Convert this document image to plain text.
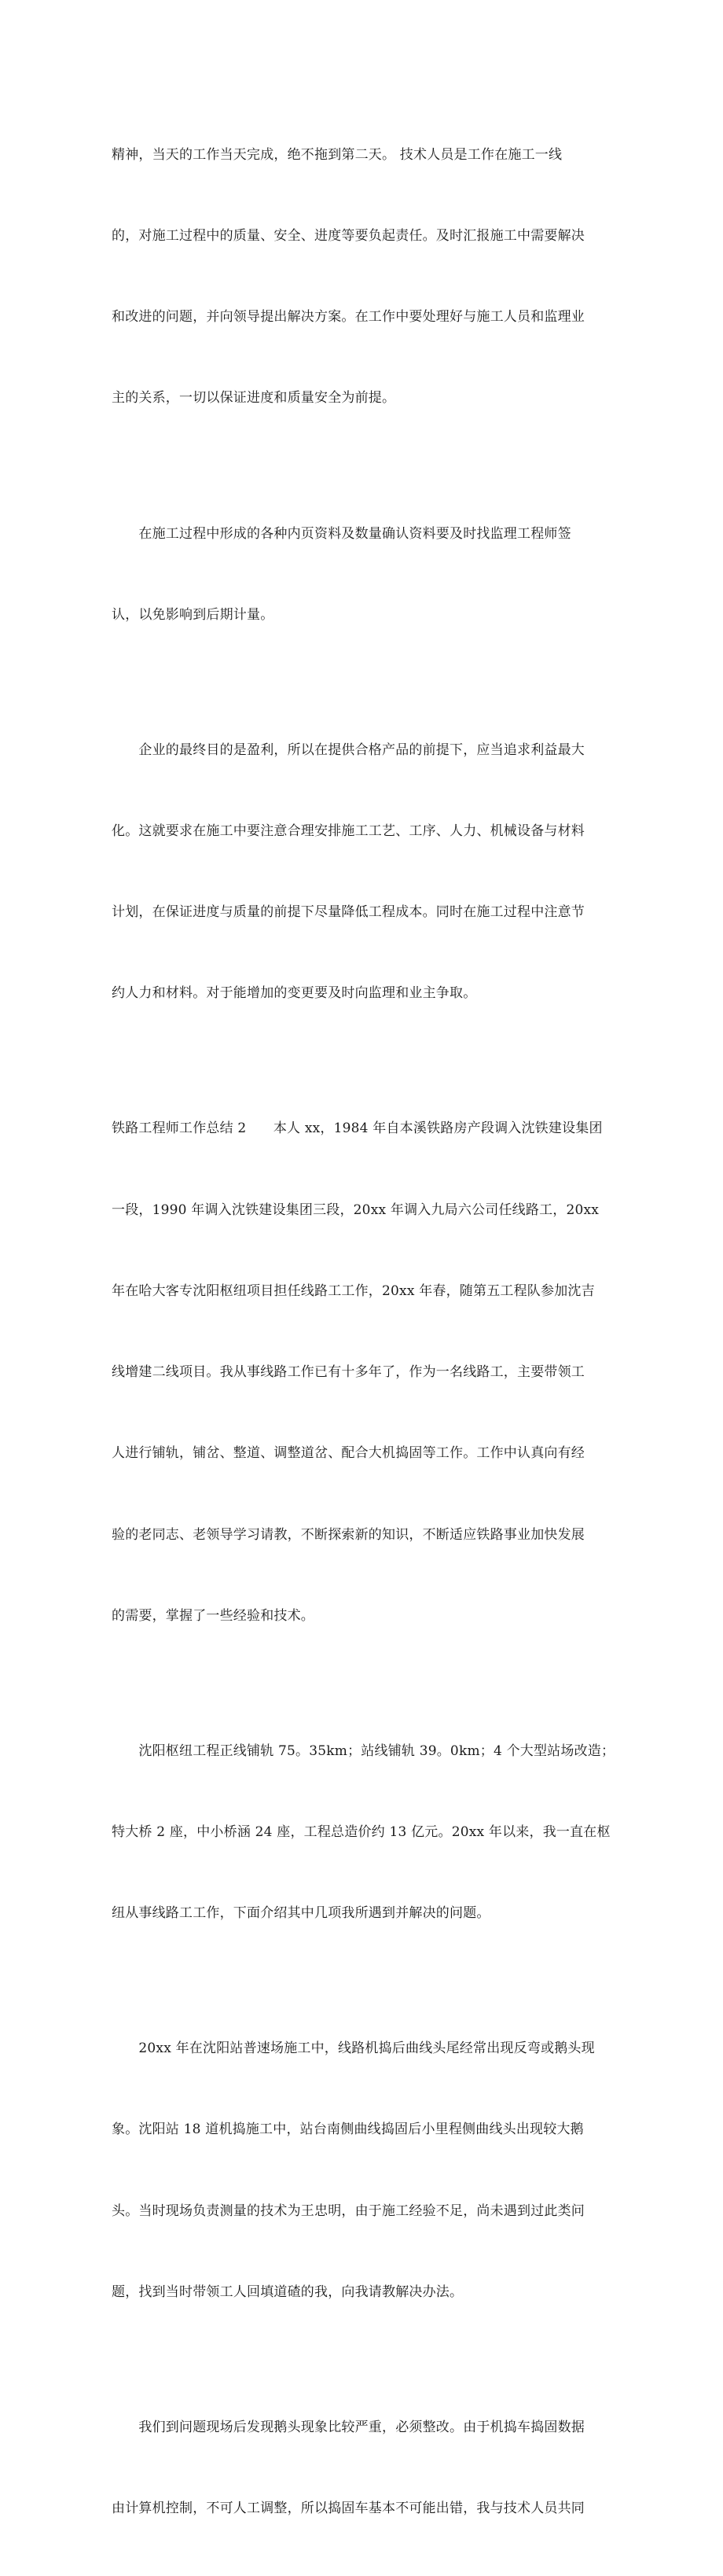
精神，当天的工作当天完成，绝不拖到第二天。 技术人员是工作在施工一线

的，对施工过程中的质量、安全、进度等要负起责任。及时汇报施工中需要解决

和改进的问题，并向领导提出解决方案。在工作中要处理好与施工人员和监理业

主的关系，一切以保证进度和质量安全为前提。

　　在施工过程中形成的各种内页资料及数量确认资料要及时找监理工程师签

认，以免影响到后期计量。

　　企业的最终目的是盈利，所以在提供合格产品的前提下，应当追求利益最大

化。这就要求在施工中要注意合理安排施工工艺、工序、人力、机械设备与材料

计划，在保证进度与质量的前提下尽量降低工程成本。同时在施工过程中注意节

约人力和材料。对于能增加的变更要及时向监理和业主争取。

铁路工程师工作总结 2　　本人 xx，1984 年自本溪铁路房产段调入沈铁建设集团

一段，1990 年调入沈铁建设集团三段，20xx 年调入九局六公司任线路工，20xx

年在哈大客专沈阳枢纽项目担任线路工工作，20xx 年春，随第五工程队参加沈吉

线增建二线项目。我从事线路工作已有十多年了，作为一名线路工，主要带领工

人进行铺轨，铺岔、整道、调整道岔、配合大机捣固等工作。工作中认真向有经

验的老同志、老领导学习请教，不断探索新的知识，不断适应铁路事业加快发展

的需要，掌握了一些经验和技术。

　　沈阳枢纽工程正线铺轨 75。35km；站线铺轨 39。0km；4 个大型站场改造；

特大桥 2 座，中小桥涵 24 座，工程总造价约 13 亿元。20xx 年以来，我一直在枢

纽从事线路工工作，下面介绍其中几项我所遇到并解决的问题。

　　20xx 年在沈阳站普速场施工中，线路机捣后曲线头尾经常出现反弯或鹅头现

象。沈阳站 18 道机捣施工中，站台南侧曲线捣固后小里程侧曲线头出现较大鹅

头。当时现场负责测量的技术为王忠明，由于施工经验不足，尚未遇到过此类问

题，找到当时带领工人回填道碴的我，向我请教解决办法。

　　我们到问题现场后发现鹅头现象比较严重，必须整改。由于机捣车捣固数据

由计算机控制，不可人工调整，所以捣固车基本不可能出错，我与技术人员共同
